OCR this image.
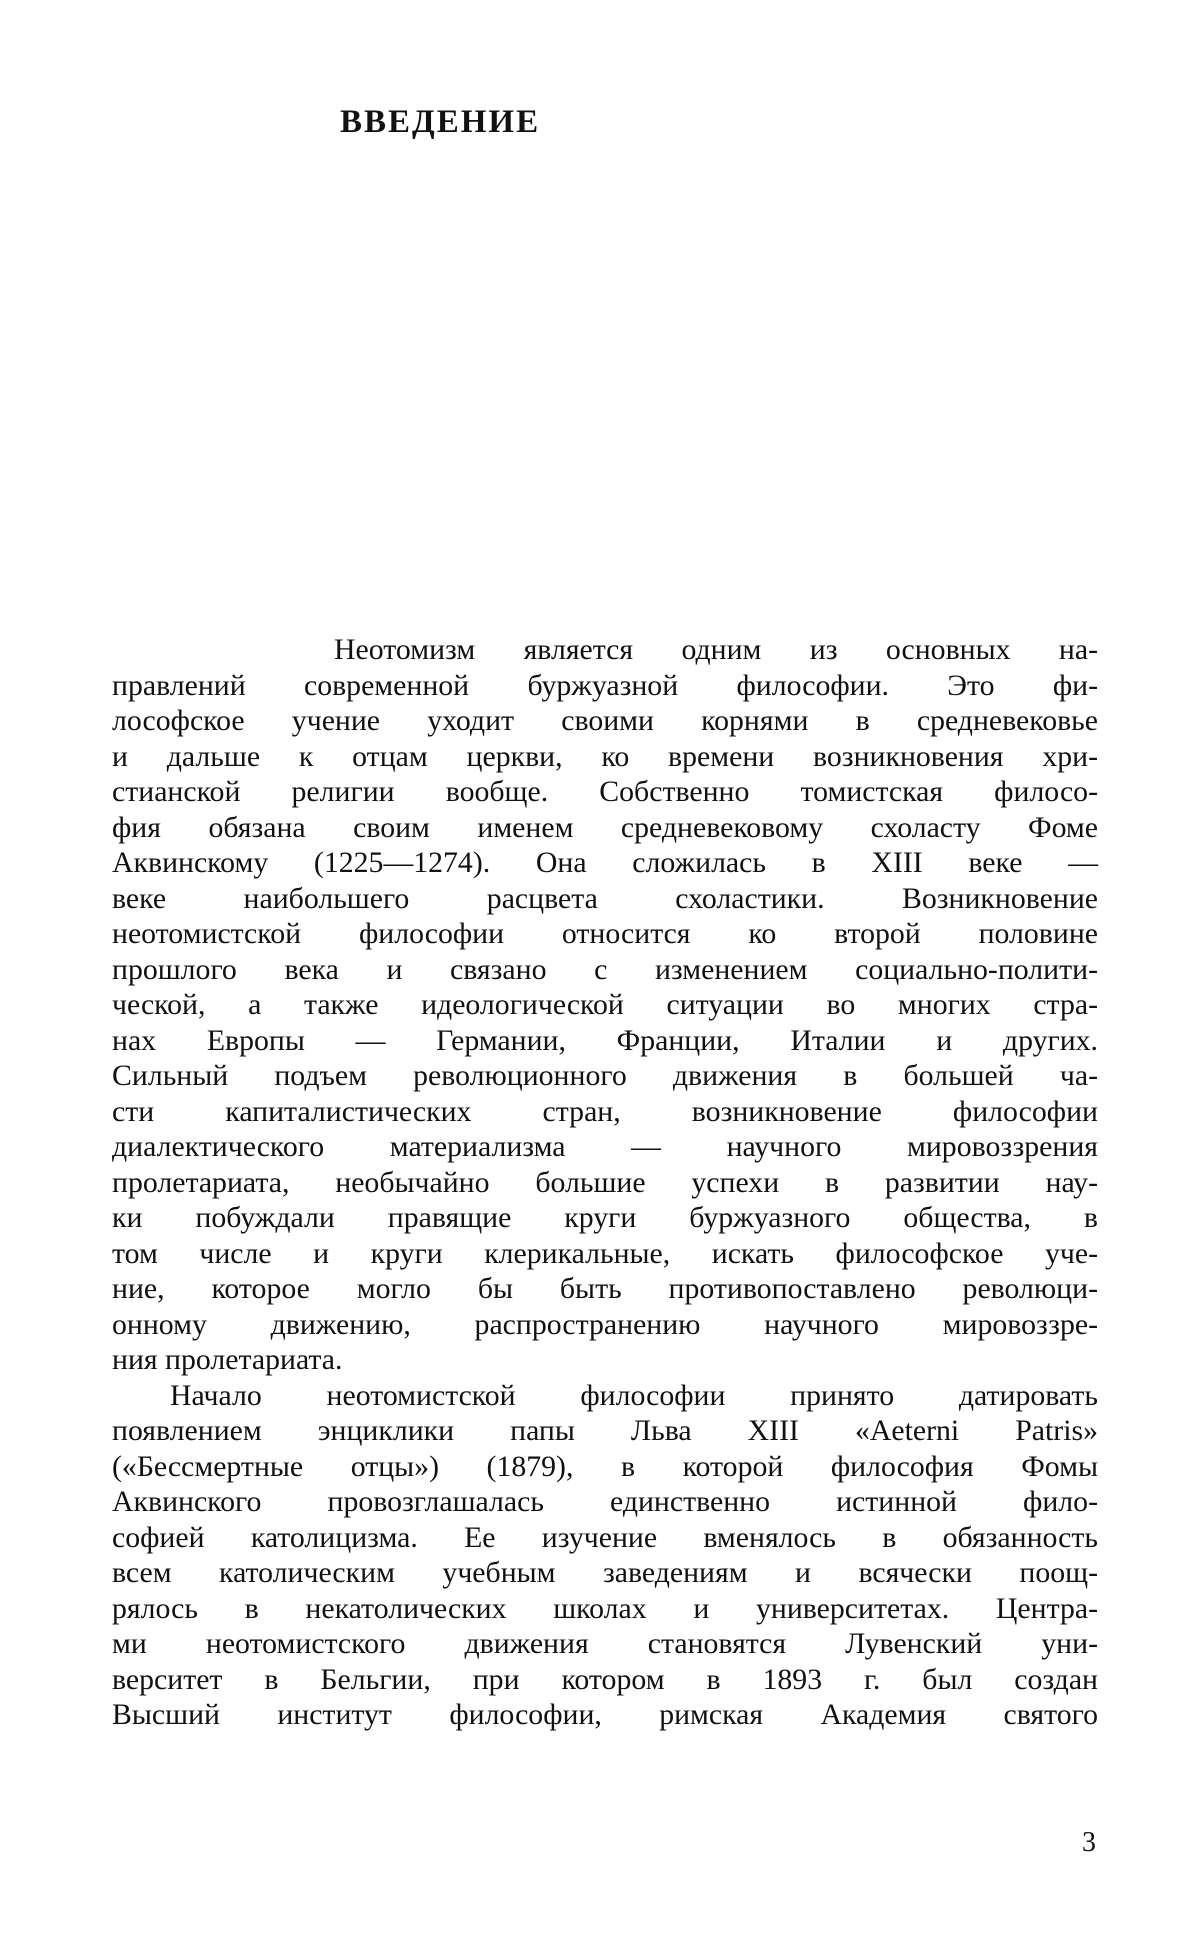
ВВЕДЕНИЕ

Неотомизм является одним из основных на-
правлений современной буржуазной философии. Это фи-
лософское учение уходит своими корнями в средневековье
и дальше к отцам церкви, ко времени возникновения хри-
стианской религии вообще. Собственно томистская филосо-
фия обязана своим именем средневековому схоласту Фоме
Аквинскому (1225—1274). Она сложилась в XIII веке —
веке наибольшего расцвета схоластики. Возникновение
неотомистской философии относится ко второй половине
прошлого века и связано с изменением социально-полити-
ческой, а также идеологической ситуации во многих стра-
нах Европы — Германии, Франции, Италии и других.
Сильный подъем революционного движения в большей ча-
сти капиталистических стран, возникновение философии
диалектического материализма — научного мировоззрения
пролетариата, необычайно большие успехи в развитии нау-
ки побуждали правящие круги буржуазного общества, в
том числе и круги клерикальные, искать философское уче-
ние, которое могло бы быть противопоставлено революци-
онному движению, распространению научного мировоззре-
ния пролетариата.

Начало неотомистской философии принято датировать
появлением энциклики папы Льва XIII «Aeterni Patris»
(«Бессмертные отцы») (1879), в которой философия Фомы
Аквинского провозглашалась единственно истинной фило-
софией католицизма. Ее изучение вменялось в обязанность
всем католическим учебным заведениям и всячески поощ-
рялось в некатолических школах и университетах. Центра-
ми неотомистского движения становятся Лувенский уни-
верситет в Бельгии, при котором в 1893 г. был создан
Высший институт философии, римская Академия святого

3
